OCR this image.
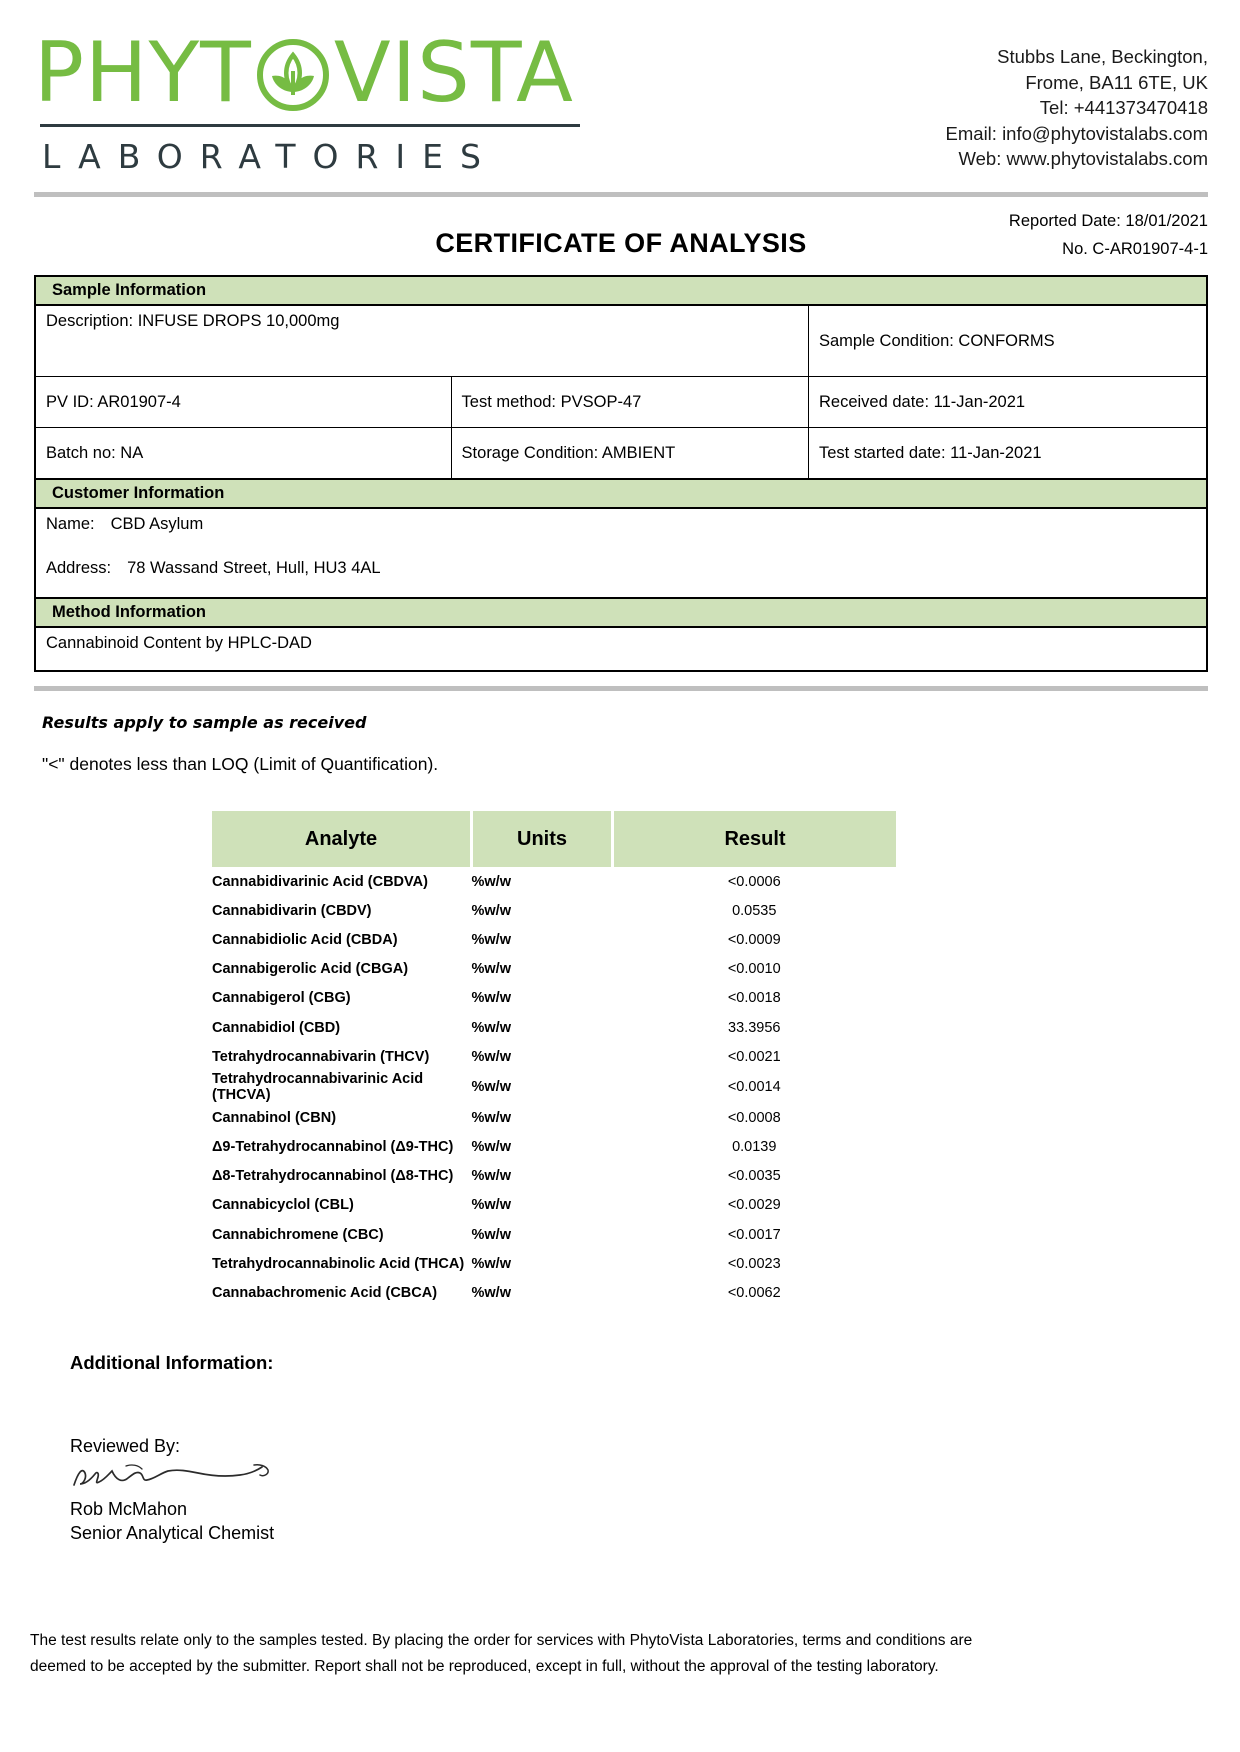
PHYT VISTA
LABORATORIES
Stubbs Lane, Beckington,
Frome, BA11 6TE, UK
Tel: +441373470418
Email: info@phytovistalabs.com
Web: www.phytovistalabs.com
CERTIFICATE OF ANALYSIS
Reported Date: 18/01/2021
No. C-AR01907-4-1
Sample Information		
Description: INFUSE DROPS 10,000mg		Sample Condition: CONFORMS
PV ID: AR01907-4	Test method: PVSOP-47	Received date: 11-Jan-2021
Batch no: NA	Storage Condition: AMBIENT	Test started date: 11-Jan-2021
Customer Information		
Name: CBD Asylum		
Address: 78 Wassand Street, Hull, HU3 4AL		
Method Information		
Cannabinoid Content by HPLC-DAD		
Results apply to sample as received
"<" denotes less than LOQ (Limit of Quantification).
Analyte	Units	Result
Cannabidivarinic Acid (CBDVA)	%w/w	<0.0006
Cannabidivarin (CBDV)	%w/w	0.0535
Cannabidiolic Acid (CBDA)	%w/w	<0.0009
Cannabigerolic Acid (CBGA)	%w/w	<0.0010
Cannabigerol (CBG)	%w/w	<0.0018
Cannabidiol (CBD)	%w/w	33.3956
Tetrahydrocannabivarin (THCV)	%w/w	<0.0021
Tetrahydrocannabivarinic Acid (THCVA)	%w/w	<0.0014
Cannabinol (CBN)	%w/w	<0.0008
Δ9-Tetrahydrocannabinol (Δ9-THC)	%w/w	0.0139
Δ8-Tetrahydrocannabinol (Δ8-THC)	%w/w	<0.0035
Cannabicyclol (CBL)	%w/w	<0.0029
Cannabichromene (CBC)	%w/w	<0.0017
Tetrahydrocannabinolic Acid (THCA)	%w/w	<0.0023
Cannabachromenic Acid (CBCA)	%w/w	<0.0062
Additional Information:
Reviewed By:
Rob McMahon
Senior Analytical Chemist
The test results relate only to the samples tested. By placing the order for services with PhytoVista Laboratories, terms and conditions are
deemed to be accepted by the submitter. Report shall not be reproduced, except in full, without the approval of the testing laboratory.
